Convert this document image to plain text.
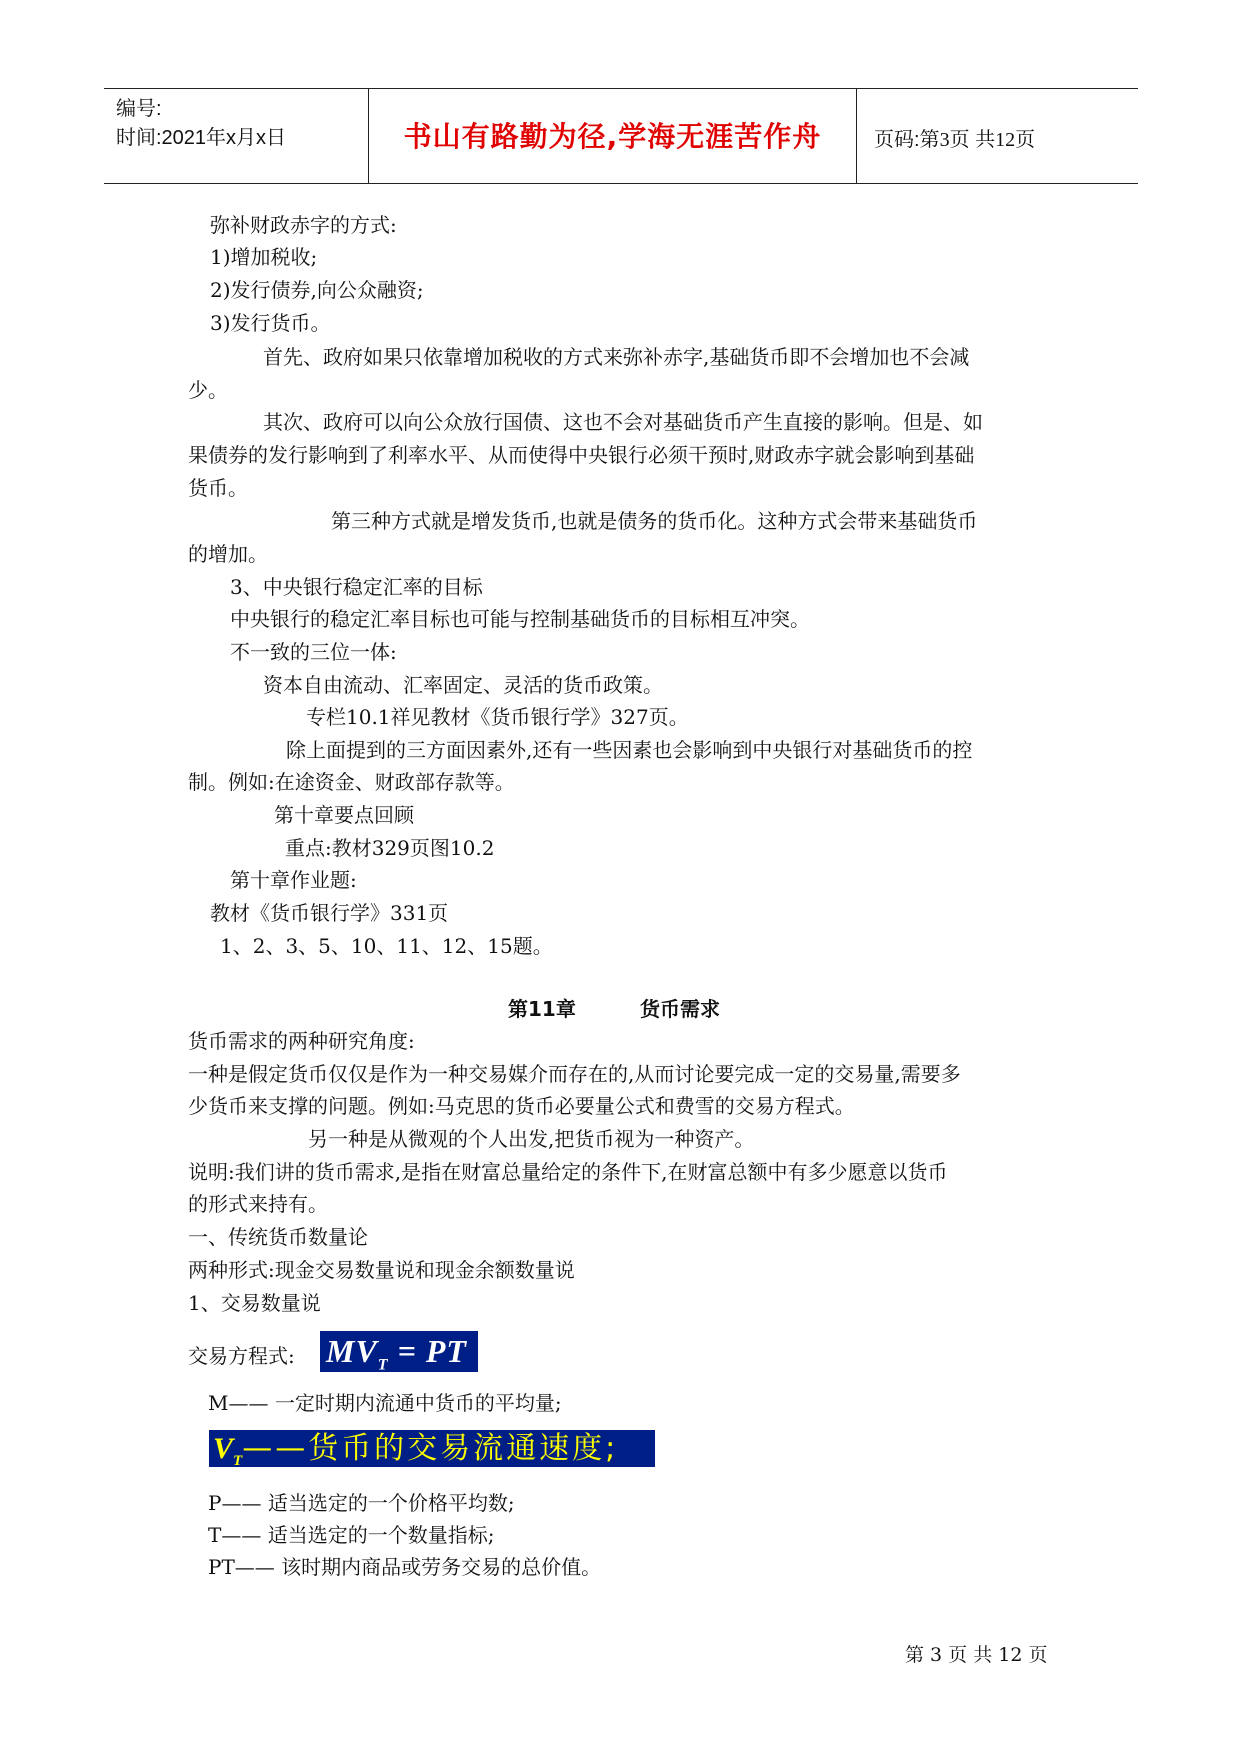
编号:
时间:2021年x月x日	书山有路勤为径,学海无涯苦作舟	页码:第3页 共12页
弥补财政赤字的方式:
1)增加税收;
2)发行债券,向公众融资;
3)发行货币。
首先、政府如果只依靠增加税收的方式来弥补赤字,基础货币即不会增加也不会减
少。
其次、政府可以向公众放行国债、这也不会对基础货币产生直接的影响。但是、如
果债券的发行影响到了利率水平、从而使得中央银行必须干预时,财政赤字就会影响到基础
货币。
第三种方式就是增发货币,也就是债务的货币化。这种方式会带来基础货币
的增加。
3、中央银行稳定汇率的目标
中央银行的稳定汇率目标也可能与控制基础货币的目标相互冲突。
不一致的三位一体:
资本自由流动、汇率固定、灵活的货币政策。
专栏10.1祥见教材《货币银行学》327页。
除上面提到的三方面因素外,还有一些因素也会影响到中央银行对基础货币的控
制。例如:在途资金、财政部存款等。
第十章要点回顾
重点:教材329页图10.2
第十章作业题:
教材《货币银行学》331页
1、2、3、5、10、11、12、15题。
第11章	货币需求
货币需求的两种研究角度:
一种是假定货币仅仅是作为一种交易媒介而存在的,从而讨论要完成一定的交易量,需要多
少货币来支撑的问题。例如:马克思的货币必要量公式和费雪的交易方程式。
另一种是从微观的个人出发,把货币视为一种资产。
说明:我们讲的货币需求,是指在财富总量给定的条件下,在财富总额中有多少愿意以货币
的形式来持有。
一、传统货币数量论
两种形式:现金交易数量说和现金余额数量说
1、交易数量说
交易方程式: $MV_T$ = PT
M—— 一定时期内流通中货币的平均量;
$V_T——$货币的交易流通速度;
P—— 适当选定的一个价格平均数;
T—— 适当选定的一个数量指标;
PT—— 该时期内商品或劳务交易的总价值。
第 3 页 共 12 页
